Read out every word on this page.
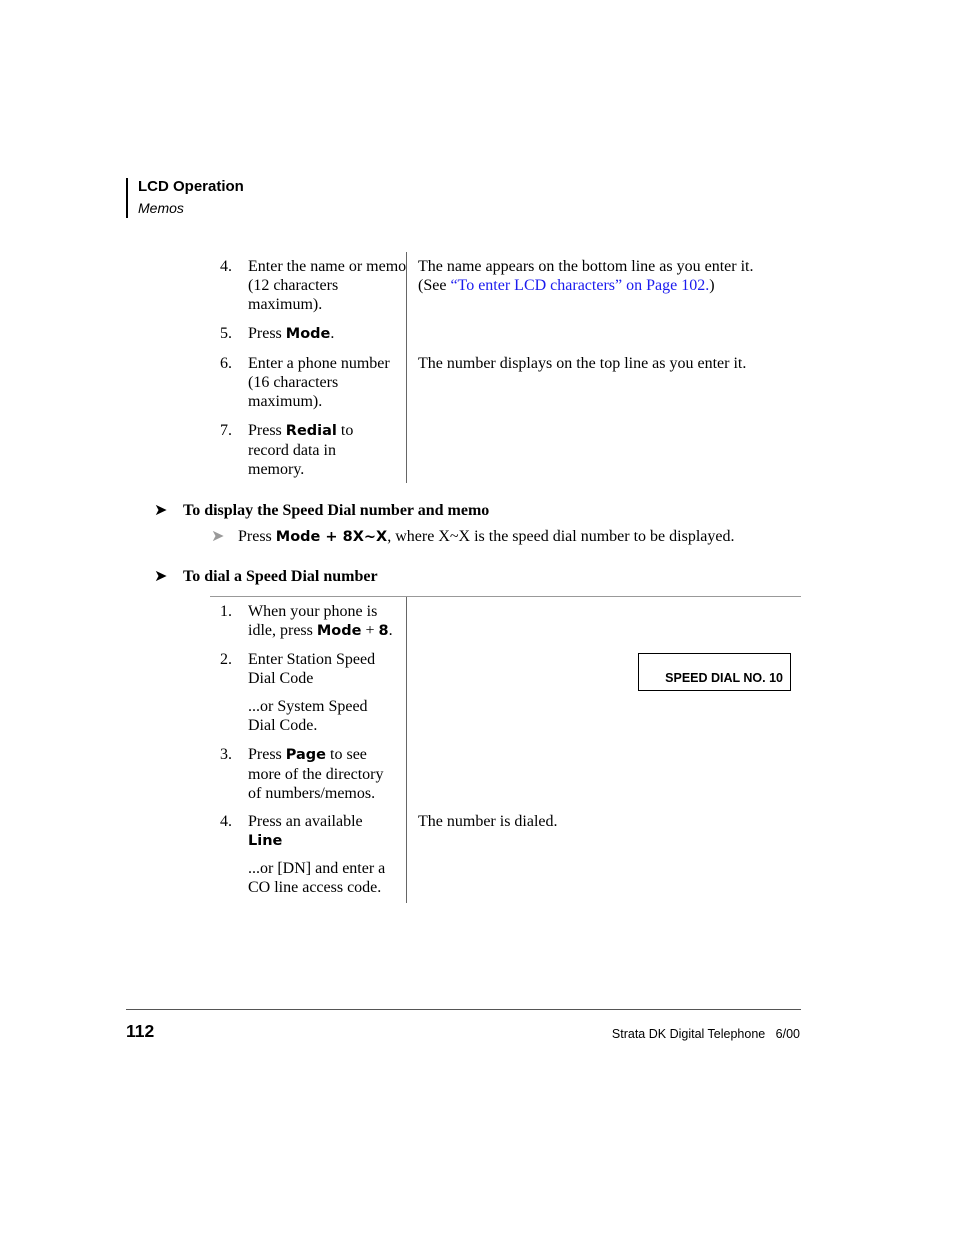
LCD Operation
Memos
4. Enter the name or memo (12 characters maximum).
The name appears on the bottom line as you enter it.
(See “To enter LCD characters” on Page 102.)
5. Press Mode.
6. Enter a phone number (16 characters maximum).
The number displays on the top line as you enter it.
7. Press Redial to record data in memory.
➤ To display the Speed Dial number and memo
➤ Press Mode + 8X~X, where X~X is the speed dial number to be displayed.
➤ To dial a Speed Dial number
1. When your phone is idle, press Mode + 8.
2. Enter Station Speed Dial Code
...or System Speed Dial Code.
SPEED DIAL NO. 10
3. Press Page to see more of the directory of numbers/memos.
4. Press an available
Line
...or [DN] and enter a CO line access code.
The number is dialed.
112	Strata DK Digital Telephone   6/00
